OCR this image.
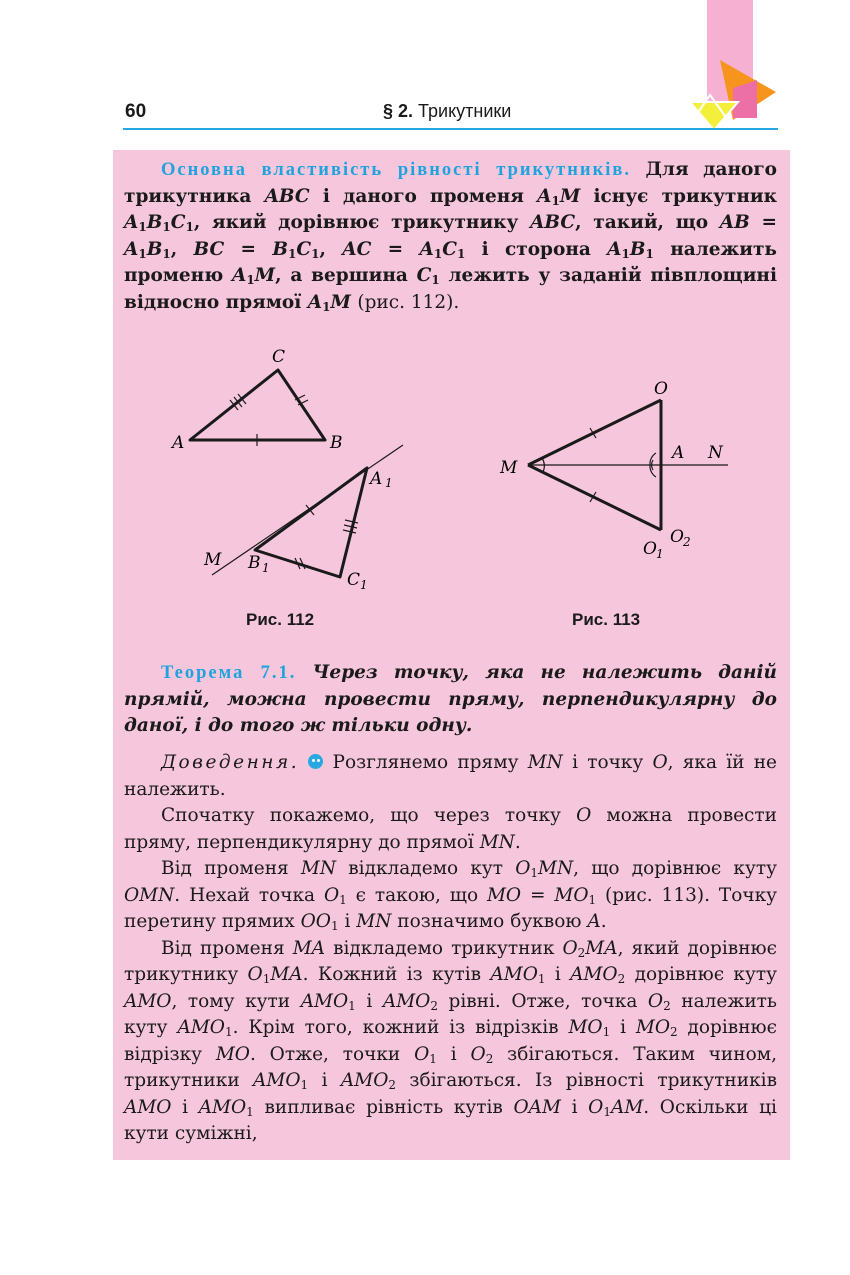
60	§ 2. Трикутники

Основна властивість рівності трикутників. Для даного трикутника ABC і даного променя $A_1M$ існує трикутник $A_1B_1C_1$, який дорівнює трикутнику ABC, такий, що AB = $A_1B_1$, BC = $B_1C_1$, AC = $A_1C_1$ і сторона $A_1B_1$ належить променю $A_1M$, а вершина $C_1$ лежить у заданій півплощині відносно прямої $A_1M$ (рис. 112).

C
A	B
A 1
M B 1
C 1
Рис. 112
O
M
A N
O 1
O 2
Рис. 113

Теорема 7.1. Через точку, яка не належить даній прямій, можна провести пряму, перпендикулярну до даної, і до того ж тільки одну.

Доведення.  Розглянемо пряму MN і точку O, яка їй не належить.

Спочатку покажемо, що через точку O можна провести пряму, перпендикулярну до прямої MN.

Від променя MN відкладемо кут $O_1MN$, що дорівнює куту OMN. Нехай точка $O_1$ є такою, що MO = $MO_1$ (рис. 113). Точку перетину прямих $OO_1$ і MN позначимо буквою A.

Від променя MA відкладемо трикутник $O_2MA$, який дорівнює трикутнику $O_1MA$. Кожний із кутів $AMO_1$ і $AMO_2$ дорівнює куту AMO, тому кути $AMO_1$ і $AMO_2$ рівні. Отже, точка $O_2$ належить куту $AMO_1$. Крім того, кожний із відрізків $MO_1$ і $MO_2$ дорівнює відрізку MO. Отже, точки $O_1$ і $O_2$ збігаються. Таким чином, трикутники $AMO_1$ і $AMO_2$ збігаються. Із рівності трикутників AMO і $AMO_1$ випливає рівність кутів OAM і $O_1AM$. Оскільки ці кути суміжні,
